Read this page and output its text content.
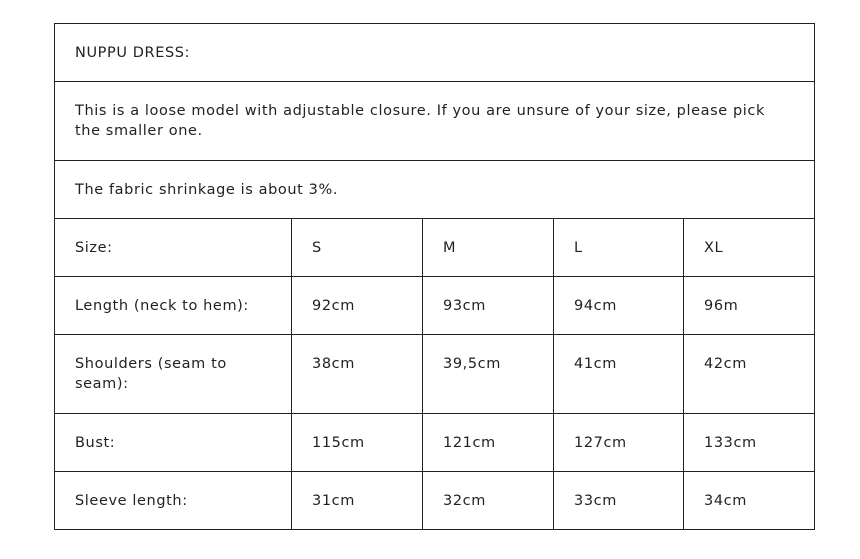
NUPPU DRESS:				
This is a loose model with adjustable closure. If you are unsure of your size, please pick the smaller one.				
The fabric shrinkage is about 3%.				
Size:	S	M	L	XL
Length (neck to hem):	92cm	93cm	94cm	96m
Shoulders (seam to seam):	38cm	39,5cm	41cm	42cm
Bust:	115cm	121cm	127cm	133cm
Sleeve length:	31cm	32cm	33cm	34cm
